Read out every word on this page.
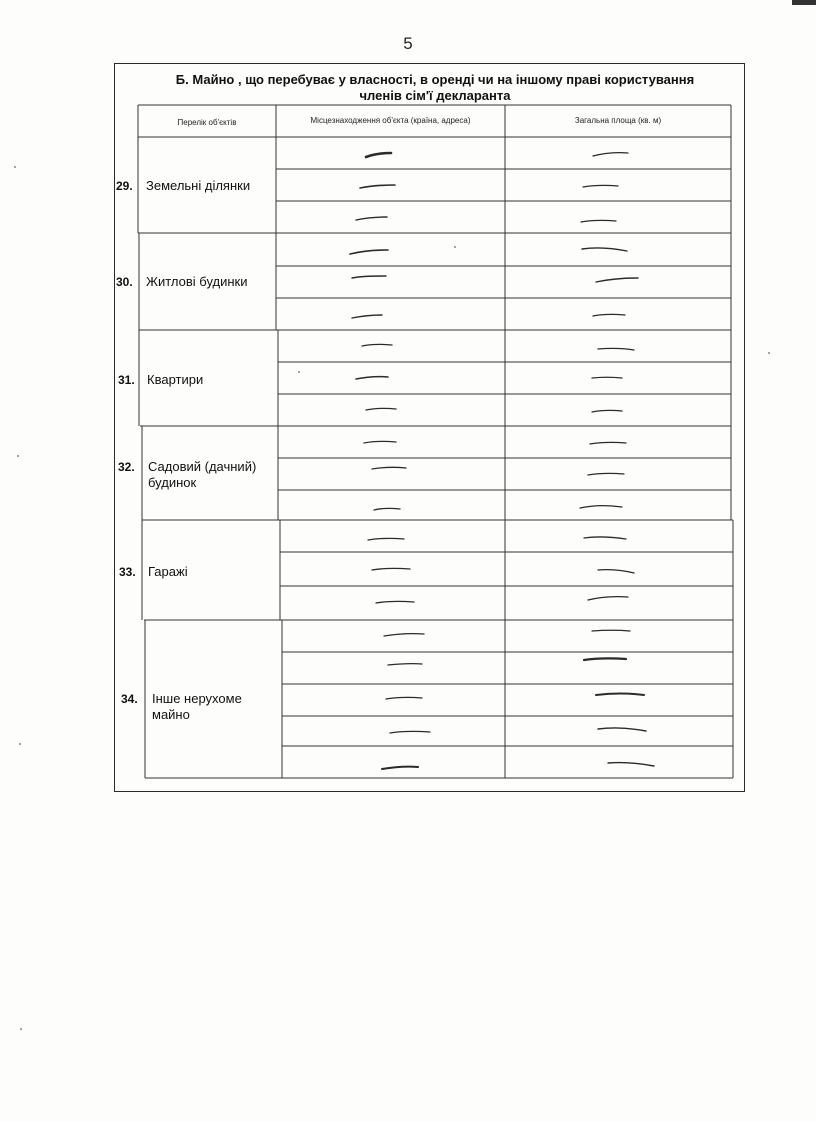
5
Б. Майно , що перебуває у власності, в оренді чи на іншому праві користування
членів сім'ї декларанта
Перелік об'єктів	Місцезнаходження об'єкта (країна, адреса)	Загальна площа (кв. м)
29.
30.
31.
32.
33.
34.
Земельні ділянки
Житлові будинки
Квартири
Садовий (дачний)
будинок
Гаражі
Інше нерухоме
майно
